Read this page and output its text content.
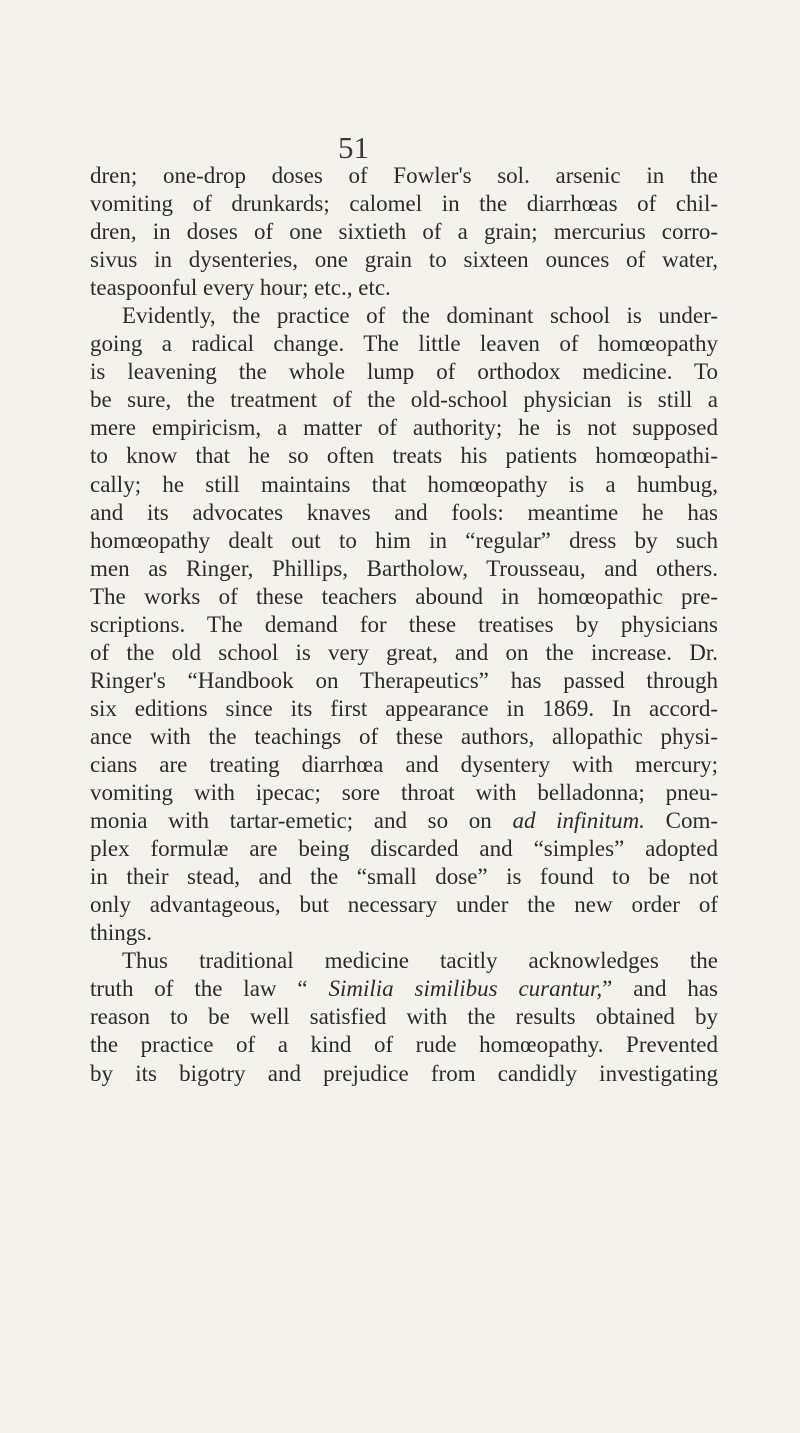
51
dren; one-drop doses of Fowler's sol. arsenic in the
vomiting of drunkards; calomel in the diarrhœas of chil-
dren, in doses of one sixtieth of a grain; mercurius corro-
sivus in dysenteries, one grain to sixteen ounces of water,
teaspoonful every hour; etc., etc.
Evidently, the practice of the dominant school is under-
going a radical change. The little leaven of homœopathy
is leavening the whole lump of orthodox medicine. To
be sure, the treatment of the old-school physician is still a
mere empiricism, a matter of authority; he is not supposed
to know that he so often treats his patients homœopathi-
cally; he still maintains that homœopathy is a humbug,
and its advocates knaves and fools: meantime he has
homœopathy dealt out to him in “regular” dress by such
men as Ringer, Phillips, Bartholow, Trousseau, and others.
The works of these teachers abound in homœopathic pre-
scriptions. The demand for these treatises by physicians
of the old school is very great, and on the increase. Dr.
Ringer's “Handbook on Therapeutics” has passed through
six editions since its first appearance in 1869. In accord-
ance with the teachings of these authors, allopathic physi-
cians are treating diarrhœa and dysentery with mercury;
vomiting with ipecac; sore throat with belladonna; pneu-
monia with tartar-emetic; and so on ad infinitum. Com-
plex formulæ are being discarded and “simples” adopted
in their stead, and the “small dose” is found to be not
only advantageous, but necessary under the new order of
things.
Thus traditional medicine tacitly acknowledges the
truth of the law “ Similia similibus curantur,” and has
reason to be well satisfied with the results obtained by
the practice of a kind of rude homœopathy. Prevented
by its bigotry and prejudice from candidly investigating
